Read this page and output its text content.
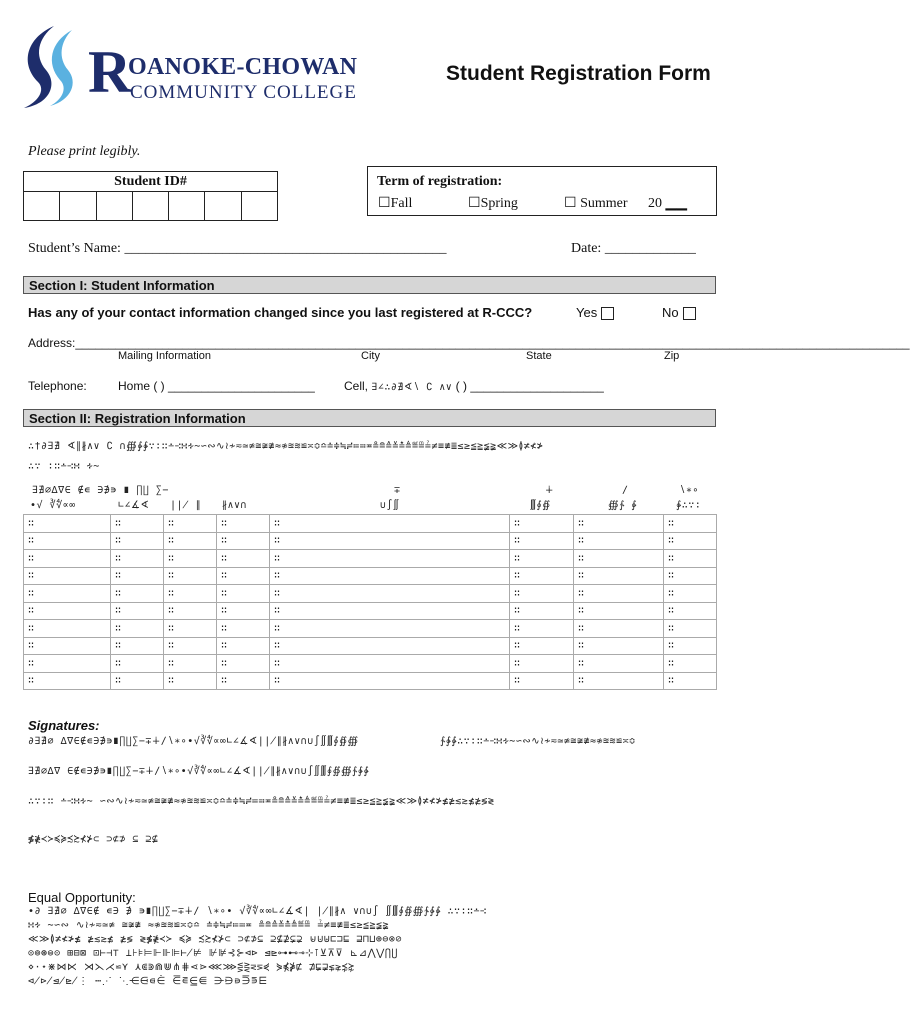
R
OANOKE-CHOWAN
COMMUNITY COLLEGE
Student Registration Form
Please print legibly.
Student ID#	Term of registration:
☐Fall	☐Spring	☐ Summer 20 ▁▁
Student’s Name: ______________________________________________	Date: _____________
Section I: Student Information
Has any of your contact information changed since you last registered at R-CCC?	Yes	No
Address:_____________________________________________________________________________________________________________________________
Mailing Information	City	State	Zip
Telephone:	Home ( ) ______________________ Cell, ∃∠∴∂∄∢∖ ∁ ∧∨ ( ) ____________________
Section II: Registration Information
∴†∂∃∄ ∢∥∦∧∨ ∁ ∩∰∲∳∵∶∷∸∹∺∻∼∽∾∿≀≁≂≃≄≅≆≇≈≉≊≋≌≍≎≏≐≑≒≓≔≕≖≗≘≙≚≛≜≝≞≟≠≡≢≣≤≥≦≧≨≩≪≫≬≭≮≯
∴∵ ∶∷∸∹∺ ∻∼
∃∄∅∆∇∈ ∉∊ ∋∌∍ ∎ ∏∐ ∑−	∓	∔	∕	∖∗∘
∙√ ∛∜∝∞	∟∠∡∢ ∣∤ ∥ ∦∧∨∩	∪∫∬	∭∮∯	∰∱ ∲	∳∴∵∶
∷	∷	∷	∷	∷	∷	∷	∷
∷	∷	∷	∷	∷	∷	∷	∷
∷	∷	∷	∷	∷	∷	∷	∷
∷	∷	∷	∷	∷	∷	∷	∷
∷	∷	∷	∷	∷	∷	∷	∷
∷	∷	∷	∷	∷	∷	∷	∷
∷	∷	∷	∷	∷	∷	∷	∷
∷	∷	∷	∷	∷	∷	∷	∷
∷	∷	∷	∷	∷	∷	∷	∷
∷	∷	∷	∷	∷	∷	∷	∷
Signatures:
∂∃∄∅ ∆∇∈∉∊∋∌∍∎∏∐∑−∓∔∕∖∗∘∙√∛∜∝∞∟∠∡∢∣∤∥∦∧∨∩∪∫∬∭∮∯∰	∱∲∳∴∵∶∷∸∹∺∻∼∽∾∿≀≁≂≃≄≅≆≇≈≉≊≋≌≍≎
∃∄∅∆∇ ∈∉∊∋∌∍∎∏∐∑−∓∔∕∖∗∘∙√∛∜∝∞∟∠∡∢∣∤∥∦∧∨∩∪∫∬∭∮∯∰∱∲∳
∴∵∶∷ ∸∹∺∻∼ ∽∾∿≀≁≂≃≄≅≆≇≈≉≊≋≌≍≎≏≐≑≒≓≔≕≖≗≘≙≚≛≜≝≞≟≠≡≢≣≤≥≦≧≨≩≪≫≬≭≮≯≰≱≲≳≴≵≶≷
≸≹≺≻≼≽≾≿⊀⊁⊂ ⊃⊄⊅ ⊆ ⊇⊈
Equal Opportunity:
•∂ ∃∄∅ ∆∇∈∉ ∊∋ ∌ ∍∎∏∐∑−∓∔∕ ∖∗∘∙ √∛∜∝∞∟∠∡∢∣ ∤∥∦∧ ∨∩∪∫ ∬∭∮∯∰∱∲∳ ∴∵∶∷∸∹
∺∻ ∼∽∾ ∿≀≁≂≃≄ ≅≆≇ ≈≉≊≋≌≍≎≏ ≐≑≒≓≔≕≖ ≗≘≙≚≛≜≝≞ ≟≠≡≢≣≤≥≦≧≨≩
≪≫≬≭≮≯≰ ≱≲≳≴ ≵≶ ≷≸≹≺≻ ≼≽ ≾≿⊀⊁⊂ ⊃⊄⊅⊆ ⊇⊈⊉⊊⊋ ⊌⊍⊎⊏⊐⊑ ⊒⊓⊔⊕⊖⊗⊘
⊙⊚⊛⊜⊝ ⊞⊟⊠ ⊡⊢⊣⊤ ⊥⊦⊧⊨⊩⊪⊫⊬⊭ ⊮⊯⊰⊱⊲⊳ ⊴⊵⊶⊷⊸⊹⊺⊻⊼⊽ ⊾⊿⋀⋁⋂⋃
⋄⋅⋆⋇⋈⋉ ⋊⋋⋌⋍⋎ ⋏⋐⋑⋒⋓⋔⋕⋖⋗⋘⋙⋚⋛⋜⋝⋞ ⋟⋠⋡⋢ ⋣⋤⋥⋦⋧⋨⋩
⋪⋫⋬⋭⋮ ⋯⋰ ⋱⋲⋳⋴⋵ ⋶⋷⋸⋹ ⋺⋻⋼⋽⋾⋿
